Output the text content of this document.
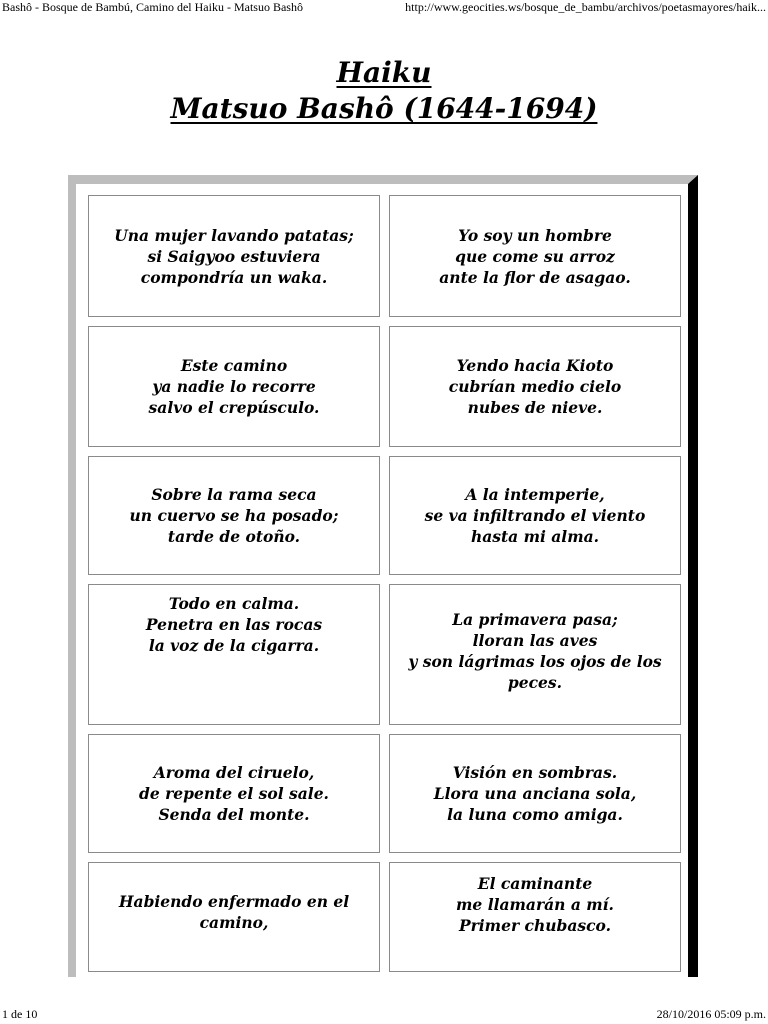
Bashô - Bosque de Bambú, Camino del Haiku - Matsuo Bashô	http://www.geocities.ws/bosque_de_bambu/archivos/poetasmayores/haik...
Haiku
Matsuo Bashô (1644-1694)
Una mujer lavando patatas;
si Saigyoo estuviera
compondría un waka.
Yo soy un hombre
que come su arroz
ante la flor de asagao.
Este camino
ya nadie lo recorre
salvo el crepúsculo.
Yendo hacia Kioto
cubrían medio cielo
nubes de nieve.
Sobre la rama seca
un cuervo se ha posado;
tarde de otoño.
A la intemperie,
se va infiltrando el viento
hasta mi alma.
Todo en calma.
Penetra en las rocas
la voz de la cigarra.
La primavera pasa;
lloran las aves
y son lágrimas los ojos de los
peces.
Aroma del ciruelo,
de repente el sol sale.
Senda del monte.
Visión en sombras.
Llora una anciana sola,
la luna como amiga.
Habiendo enfermado en el
camino,
El caminante
me llamarán a mí.
Primer chubasco.
1 de 10	28/10/2016 05:09 p.m.
